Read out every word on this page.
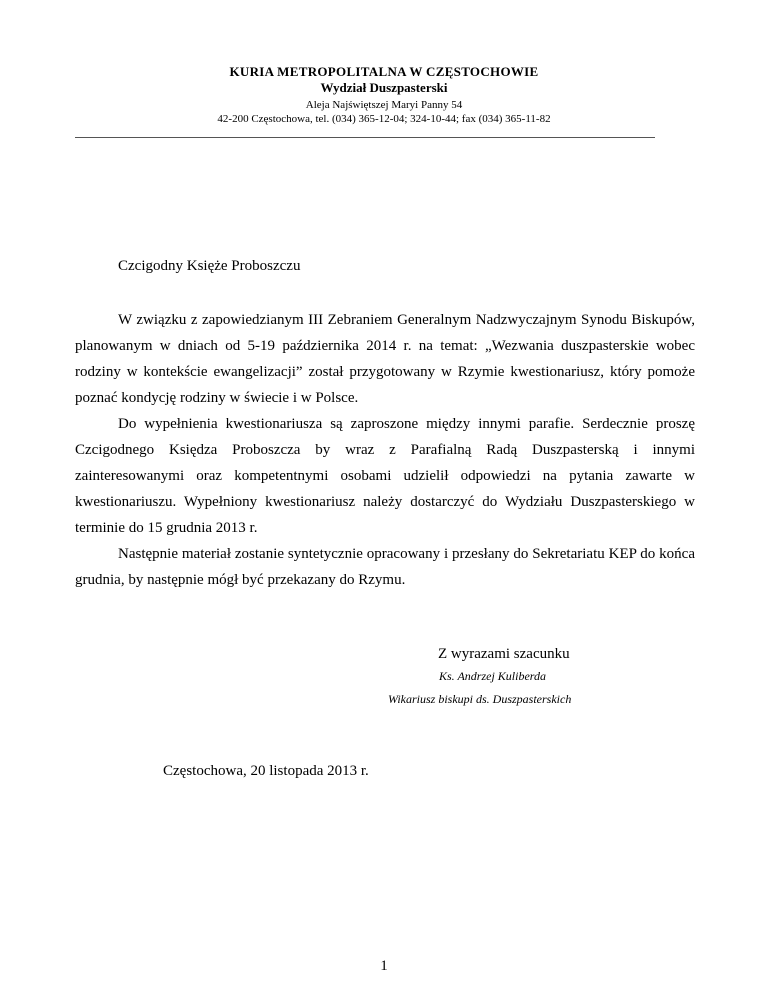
KURIA METROPOLITALNA W CZĘSTOCHOWIE
Wydział Duszpasterski
Aleja Najświętszej Maryi Panny 54
42-200 Częstochowa, tel. (034) 365-12-04; 324-10-44; fax (034) 365-11-82
Czcigodny Księże Proboszczu

W związku z zapowiedzianym III Zebraniem Generalnym Nadzwyczajnym Synodu Biskupów, planowanym w dniach od 5-19 października 2014 r. na temat: „Wezwania duszpasterskie wobec rodziny w kontekście ewangelizacji” został przygotowany w Rzymie kwestionariusz, który pomoże poznać kondycję rodziny w świecie i w Polsce.

Do wypełnienia kwestionariusza są zaproszone między innymi parafie. Serdecznie proszę Czcigodnego Księdza Proboszcza by wraz z Parafialną Radą Duszpasterską i innymi zainteresowanymi oraz kompetentnymi osobami udzielił odpowiedzi na pytania zawarte w kwestionariuszu. Wypełniony kwestionariusz należy dostarczyć do Wydziału Duszpasterskiego w terminie do 15 grudnia 2013 r.

Następnie materiał zostanie syntetycznie opracowany i przesłany do Sekretariatu KEP do końca grudnia, by następnie mógł być przekazany do Rzymu.

Z wyrazami szacunku
Ks. Andrzej Kuliberda
Wikariusz biskupi ds. Duszpasterskich
Częstochowa, 20 listopada 2013 r.
1
